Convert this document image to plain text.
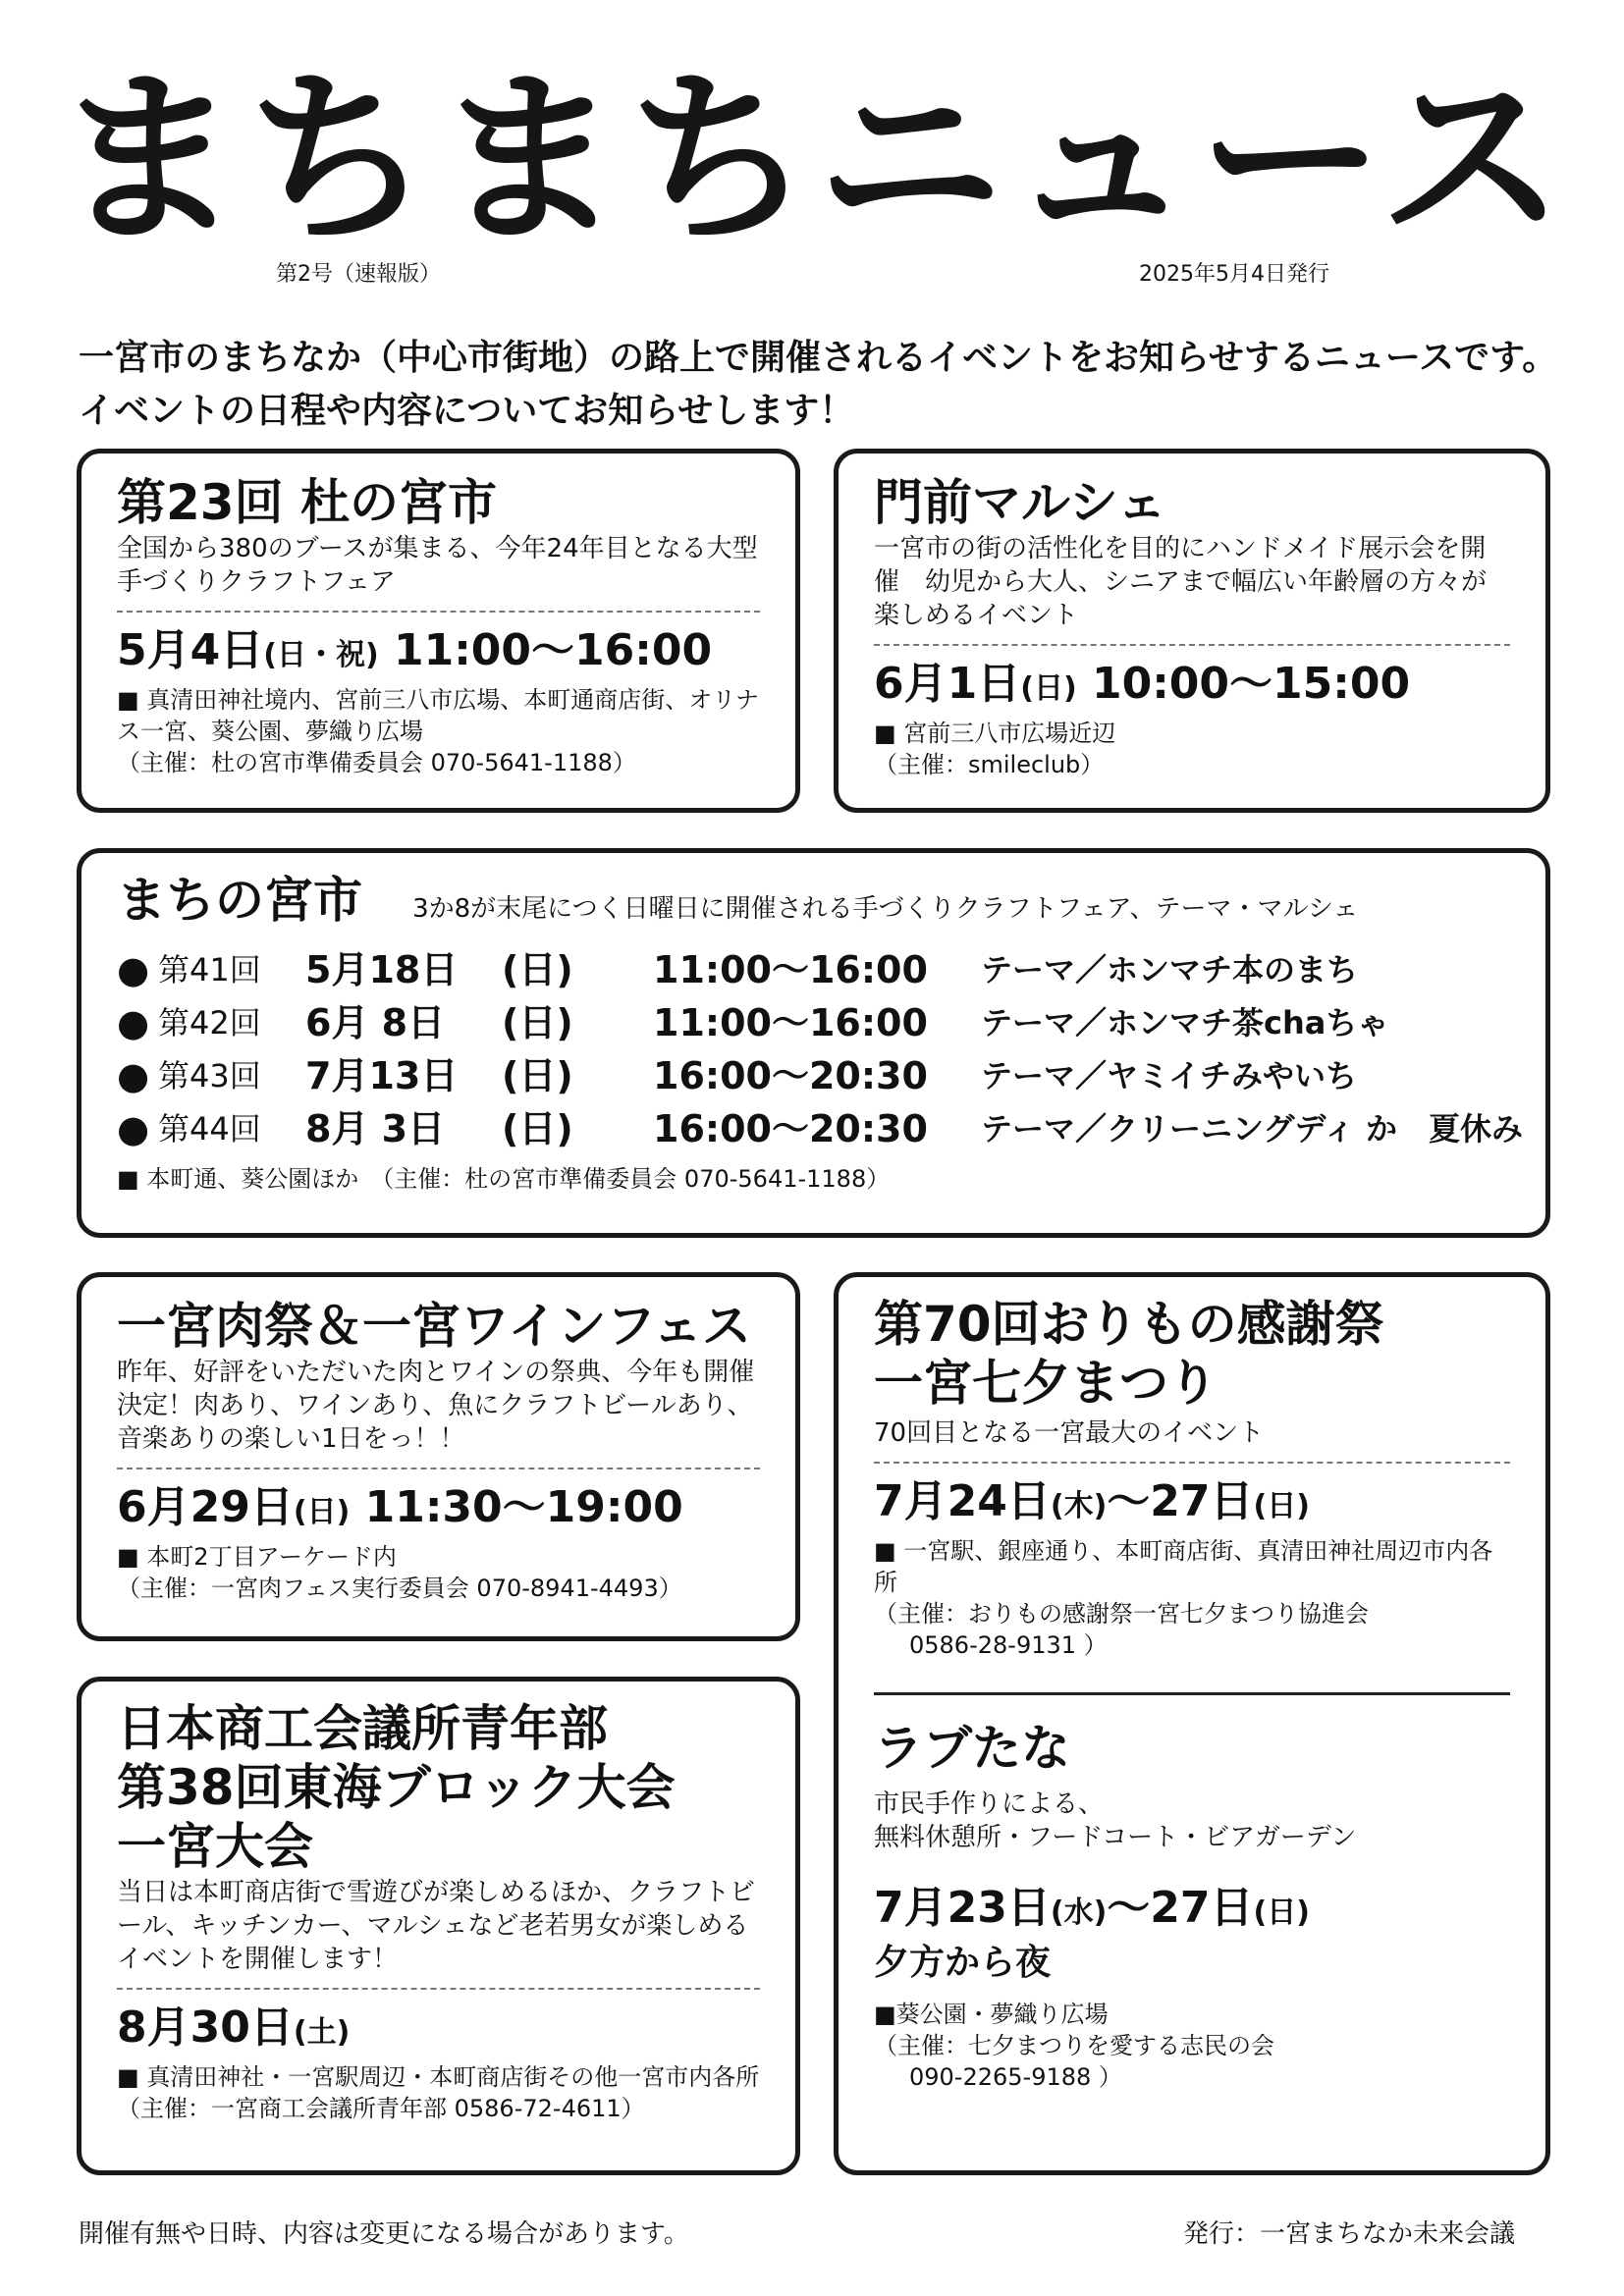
まちまちニュース
第2号（速報版）	2025年5月4日発行
一宮市のまちなか（中心市街地）の路上で開催されるイベントをお知らせするニュースです。
イベントの日程や内容についてお知らせします！
第23回 杜の宮市
全国から380のブースが集まる、今年24年目となる大型手づくりクラフトフェア
5月4日(日・祝) 11:00〜16:00
■ 真清田神社境内、宮前三八市広場、本町通商店街、オリナス一宮、葵公園、夢織り広場
（主催：杜の宮市準備委員会 070-5641-1188）
門前マルシェ
一宮市の街の活性化を目的にハンドメイド展示会を開催　幼児から大人、シニアまで幅広い年齢層の方々が楽しめるイベント
6月1日(日) 10:00〜15:00
■ 宮前三八市広場近辺
（主催：smileclub）
まちの宮市 3か8が末尾につく日曜日に開催される手づくりクラフトフェア、テーマ・マルシェ
● 第41回 5月18日 (日) 11:00〜16:00 テーマ／ホンマチ本のまち
● 第42回 6月 8日 (日) 11:00〜16:00 テーマ／ホンマチ茶chaちゃ
● 第43回 7月13日 (日) 16:00〜20:30 テーマ／ヤミイチみやいち
● 第44回 8月 3日 (日) 16:00〜20:30 テーマ／クリーニングディ か　夏休み
■ 本町通、葵公園ほか　（主催：杜の宮市準備委員会 070-5641-1188）
一宮肉祭＆一宮ワインフェス
昨年、好評をいただいた肉とワインの祭典、今年も開催決定！肉あり、ワインあり、魚にクラフトビールあり、音楽ありの楽しい1日をっ！！
6月29日(日) 11:30〜19:00
■ 本町2丁目アーケード内
（主催：一宮肉フェス実行委員会 070-8941-4493）
日本商工会議所青年部
第38回東海ブロック大会
一宮大会
当日は本町商店街で雪遊びが楽しめるほか、クラフトビール、キッチンカー、マルシェなど老若男女が楽しめるイベントを開催します！
8月30日(土)
■ 真清田神社・一宮駅周辺・本町商店街その他一宮市内各所
（主催：一宮商工会議所青年部 0586-72-4611）
第70回おりもの感謝祭
一宮七夕まつり
70回目となる一宮最大のイベント
7月24日(木)〜27日(日)
■ 一宮駅、銀座通り、本町商店街、真清田神社周辺市内各所
（主催：おりもの感謝祭一宮七夕まつり協進会
0586-28-9131 ）
ラブたな
市民手作りによる、
無料休憩所・フードコート・ビアガーデン
7月23日(水)〜27日(日)
夕方から夜
■葵公園・夢織り広場
（主催：七夕まつりを愛する志民の会
090-2265-9188 ）
開催有無や日時、内容は変更になる場合があります。	発行：一宮まちなか未来会議
